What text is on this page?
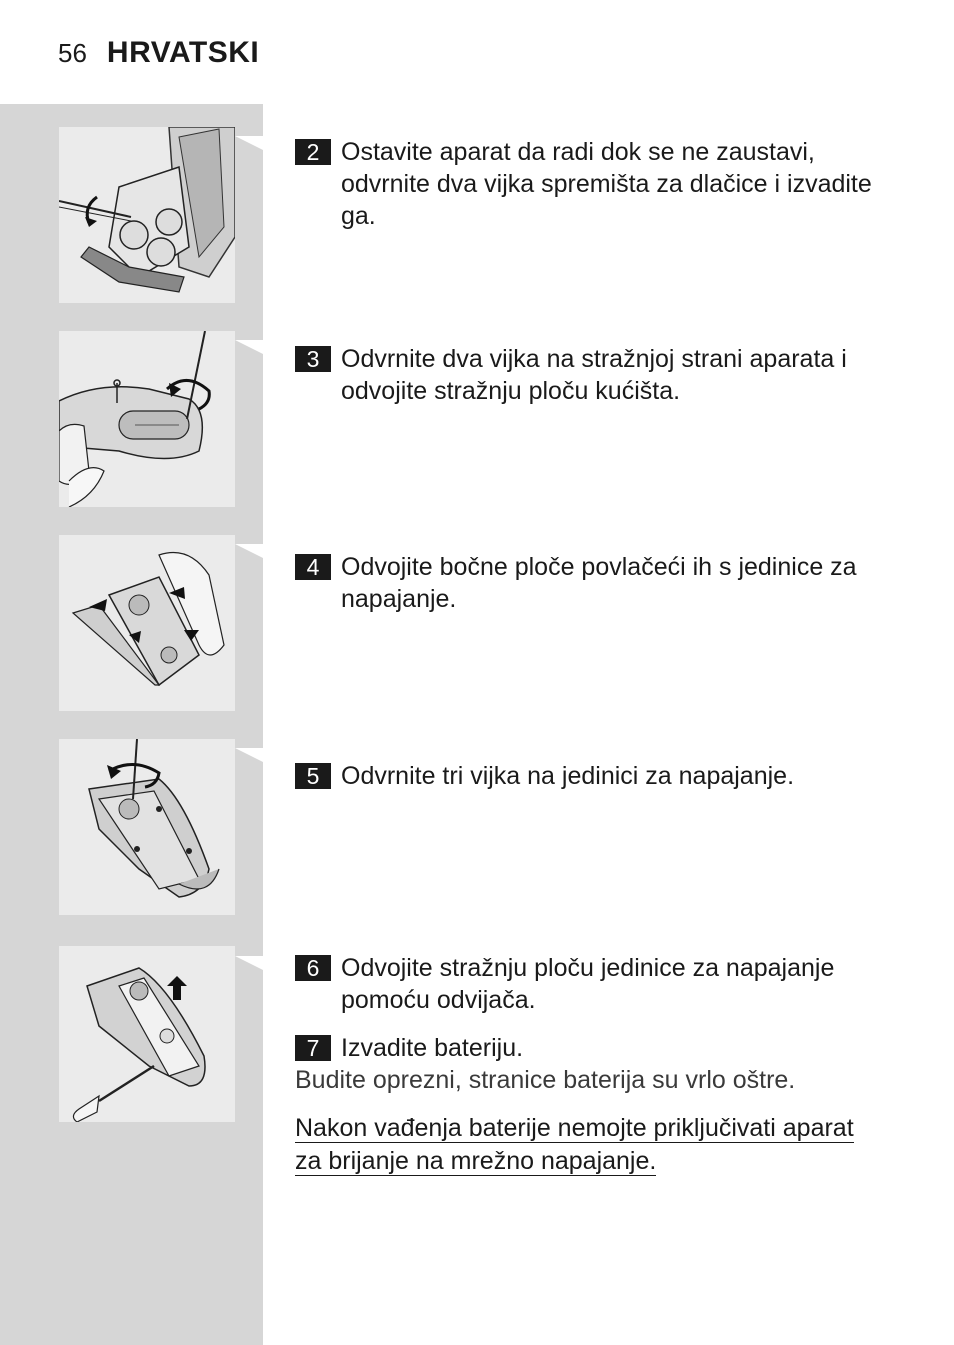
56 HRVATSKI
2 Ostavite aparat da radi dok se ne zaustavi, odvrnite dva vijka spremišta za dlačice i izvadite ga.
3 Odvrnite dva vijka na stražnjoj strani aparata i odvojite stražnju ploču kućišta.
4 Odvojite bočne ploče povlačeći ih s jedinice za napajanje.
5 Odvrnite tri vijka na jedinici za napajanje.
6 Odvojite stražnju ploču jedinice za napajanje pomoću odvijača.
7 Izvadite bateriju.
Budite oprezni, stranice baterija su vrlo oštre.
Nakon vađenja baterije nemojte priključivati aparat
za brijanje na mrežno napajanje.
